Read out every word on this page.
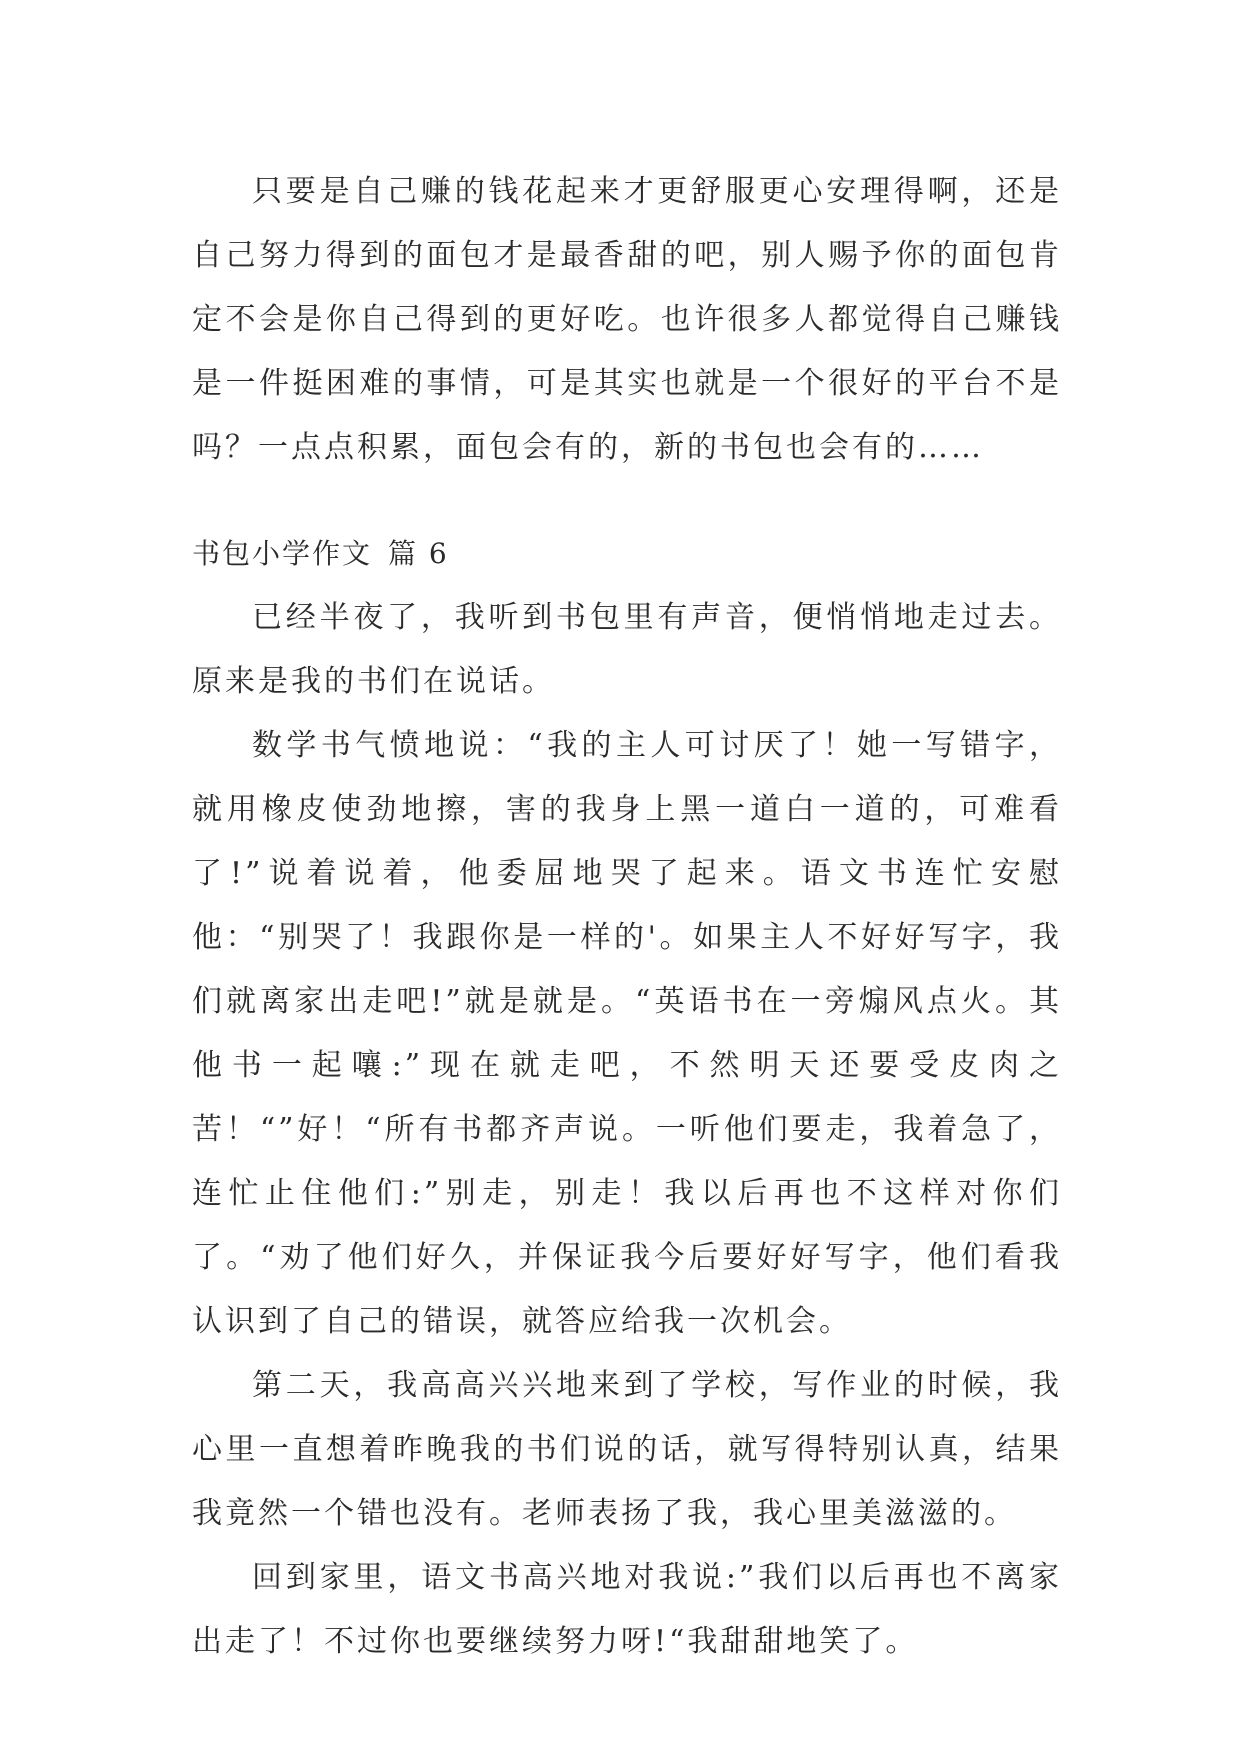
只要是自己赚的钱花起来才更舒服更心安理得啊，还是自己努力得到的面包才是最香甜的吧，别人赐予你的面包肯定不会是你自己得到的更好吃。也许很多人都觉得自己赚钱是一件挺困难的事情，可是其实也就是一个很好的平台不是吗？一点点积累，面包会有的，新的书包也会有的……

书包小学作文 篇 6

已经半夜了，我听到书包里有声音，便悄悄地走过去。原来是我的书们在说话。

数学书气愤地说：“我的主人可讨厌了！她一写错字，就用橡皮使劲地擦，害的我身上黑一道白一道的，可难看了!”说着说着，他委屈地哭了起来。语文书连忙安慰他：“别哭了！我跟你是一样的'。如果主人不好好写字，我们就离家出走吧!”就是就是。“英语书在一旁煽风点火。其他书一起嚷:”现在就走吧，不然明天还要受皮肉之苦！“”好！“所有书都齐声说。一听他们要走，我着急了，连忙止住他们:”别走，别走！我以后再也不这样对你们了。“劝了他们好久，并保证我今后要好好写字，他们看我认识到了自己的错误，就答应给我一次机会。

第二天，我高高兴兴地来到了学校，写作业的时候，我心里一直想着昨晚我的书们说的话，就写得特别认真，结果我竟然一个错也没有。老师表扬了我，我心里美滋滋的。

回到家里，语文书高兴地对我说:”我们以后再也不离家出走了！不过你也要继续努力呀!“我甜甜地笑了。
